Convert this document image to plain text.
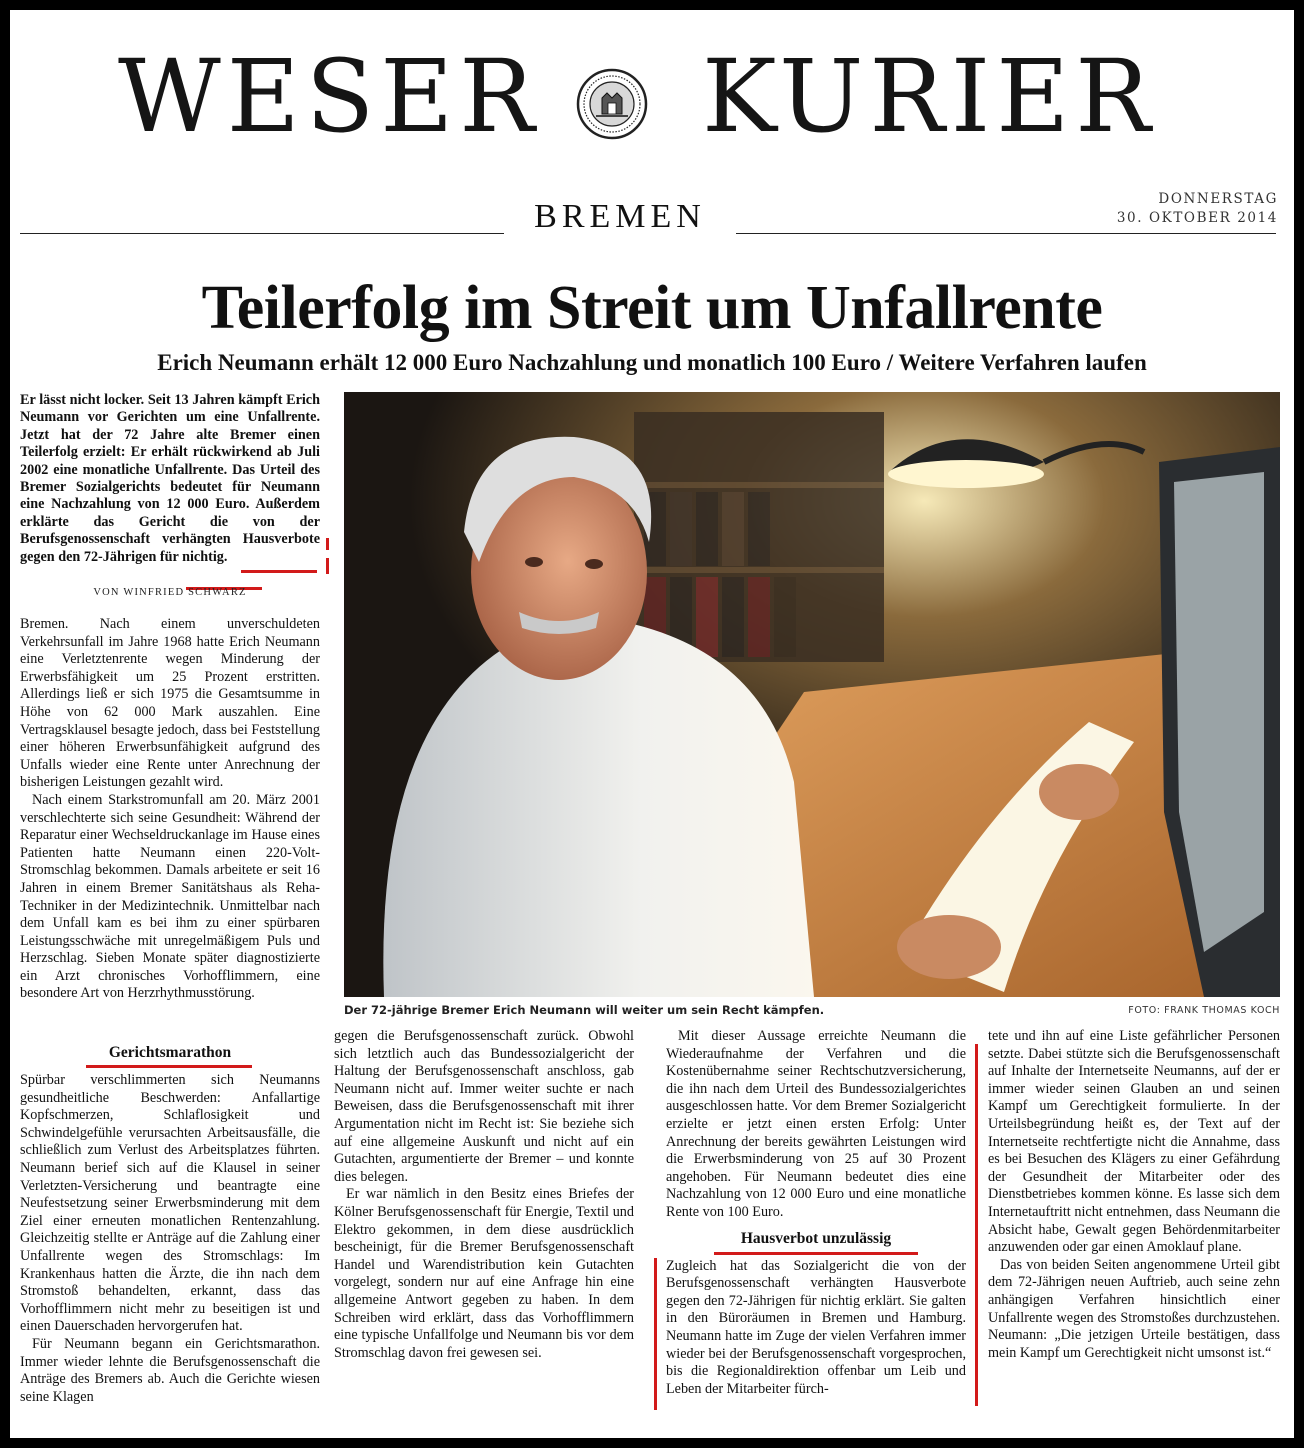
WESER KURIER
BREMEN	DONNERSTAG
30. OKTOBER 2014
Teilerfolg im Streit um Unfallrente
Erich Neumann erhält 12 000 Euro Nachzahlung und monatlich 100 Euro / Weitere Verfahren laufen
Er lässt nicht locker. Seit 13 Jahren kämpft Erich Neumann vor Gerichten um eine Unfallrente. Jetzt hat der 72 Jahre alte Bremer einen Teilerfolg erzielt: Er erhält rückwirkend ab Juli 2002 eine monatliche Unfallrente. Das Urteil des Bremer Sozialgerichts bedeutet für Neumann eine Nachzahlung von 12 000 Euro. Außerdem erklärte das Gericht die von der Berufsgenossenschaft verhängten Hausverbote gegen den 72-Jährigen für nichtig.
VON WINFRIED SCHWARZ

Bremen. Nach einem unverschuldeten Verkehrsunfall im Jahre 1968 hatte Erich Neumann eine Verletztenrente wegen Minderung der Erwerbsfähigkeit um 25 Prozent erstritten. Allerdings ließ er sich 1975 die Gesamtsumme in Höhe von 62 000 Mark auszahlen. Eine Vertragsklausel besagte jedoch, dass bei Feststellung einer höheren Erwerbsunfähigkeit aufgrund des Unfalls wieder eine Rente unter Anrechnung der bisherigen Leistungen gezahlt wird.

Nach einem Starkstromunfall am 20. März 2001 verschlechterte sich seine Gesundheit: Während der Reparatur einer Wechseldruckanlage im Hause eines Patienten hatte Neumann einen 220-Volt-Stromschlag bekommen. Damals arbeitete er seit 16 Jahren in einem Bremer Sanitätshaus als Reha-Techniker in der Medizintechnik. Unmittelbar nach dem Unfall kam es bei ihm zu einer spürbaren Leistungsschwäche mit unregelmäßigem Puls und Herzschlag. Sieben Monate später diagnostizierte ein Arzt chronisches Vorhofflimmern, eine besondere Art von Herzrhythmusstörung.

Gerichtsmarathon

Spürbar verschlimmerten sich Neumanns gesundheitliche Beschwerden: Anfallartige Kopfschmerzen, Schlaflosigkeit und Schwindelgefühle verursachten Arbeitsausfälle, die schließlich zum Verlust des Arbeitsplatzes führten. Neumann berief sich auf die Klausel in seiner Verletzten-Versicherung und beantragte eine Neufestsetzung seiner Erwerbsminderung mit dem Ziel einer erneuten monatlichen Rentenzahlung. Gleichzeitig stellte er Anträge auf die Zahlung einer Unfallrente wegen des Stromschlags: Im Krankenhaus hatten die Ärzte, die ihn nach dem Stromstoß behandelten, erkannt, dass das Vorhofflimmern nicht mehr zu beseitigen ist und einen Dauerschaden hervorgerufen hat.

Für Neumann begann ein Gerichtsmarathon. Immer wieder lehnte die Berufsgenossenschaft die Anträge des Bremers ab. Auch die Gerichte wiesen seine Klagen

Der 72-jährige Bremer Erich Neumann will weiter um sein Recht kämpfen.	FOTO: FRANK THOMAS KOCH

gegen die Berufsgenossenschaft zurück. Obwohl sich letztlich auch das Bundessozialgericht der Haltung der Berufsgenossenschaft anschloss, gab Neumann nicht auf. Immer weiter suchte er nach Beweisen, dass die Berufsgenossenschaft mit ihrer Argumentation nicht im Recht ist: Sie beziehe sich auf eine allgemeine Auskunft und nicht auf ein Gutachten, argumentierte der Bremer – und konnte dies belegen.

Er war nämlich in den Besitz eines Briefes der Kölner Berufsgenossenschaft für Energie, Textil und Elektro gekommen, in dem diese ausdrücklich bescheinigt, für die Bremer Berufsgenossenschaft Handel und Warendistribution kein Gutachten vorgelegt, sondern nur auf eine Anfrage hin eine allgemeine Antwort gegeben zu haben. In dem Schreiben wird erklärt, dass das Vorhofflimmern eine typische Unfallfolge und Neumann bis vor dem Stromschlag davon frei gewesen sei.

Mit dieser Aussage erreichte Neumann die Wiederaufnahme der Verfahren und die Kostenübernahme seiner Rechtschutzversicherung, die ihn nach dem Urteil des Bundessozialgerichtes ausgeschlossen hatte. Vor dem Bremer Sozialgericht erzielte er jetzt einen ersten Erfolg: Unter Anrechnung der bereits gewährten Leistungen wird die Erwerbsminderung von 25 auf 30 Prozent angehoben. Für Neumann bedeutet dies eine Nachzahlung von 12 000 Euro und eine monatliche Rente von 100 Euro.

Hausverbot unzulässig

Zugleich hat das Sozialgericht die von der Berufsgenossenschaft verhängten Hausverbote gegen den 72-Jährigen für nichtig erklärt. Sie galten in den Büroräumen in Bremen und Hamburg. Neumann hatte im Zuge der vielen Verfahren immer wieder bei der Berufsgenossenschaft vorgesprochen, bis die Regionaldirektion offenbar um Leib und Leben der Mitarbeiter fürch-

tete und ihn auf eine Liste gefährlicher Personen setzte. Dabei stützte sich die Berufsgenossenschaft auf Inhalte der Internetseite Neumanns, auf der er immer wieder seinen Glauben an und seinen Kampf um Gerechtigkeit formulierte. In der Urteilsbegründung heißt es, der Text auf der Internetseite rechtfertigte nicht die Annahme, dass es bei Besuchen des Klägers zu einer Gefährdung der Gesundheit der Mitarbeiter oder des Dienstbetriebes kommen könne. Es lasse sich dem Internetauftritt nicht entnehmen, dass Neumann die Absicht habe, Gewalt gegen Behördenmitarbeiter anzuwenden oder gar einen Amoklauf plane.

Das von beiden Seiten angenommene Urteil gibt dem 72-Jährigen neuen Auftrieb, auch seine zehn anhängigen Verfahren hinsichtlich einer Unfallrente wegen des Stromstoßes durchzustehen. Neumann: „Die jetzigen Urteile bestätigen, dass mein Kampf um Gerechtigkeit nicht umsonst ist.“
